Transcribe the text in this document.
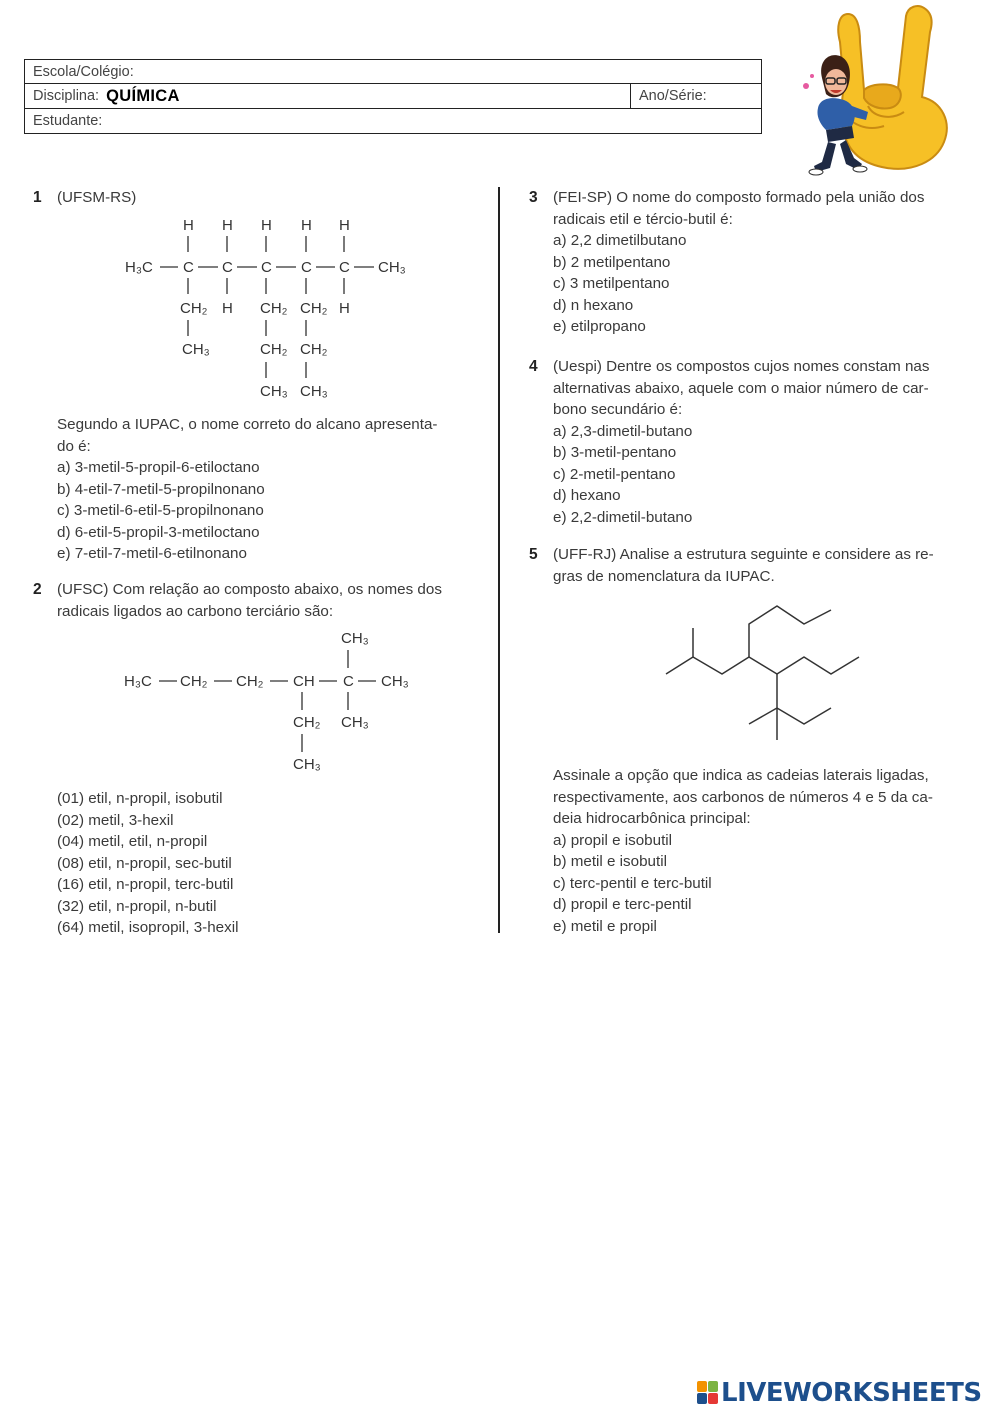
Escola/Colégio:
Disciplina: QUÍMICA	Ano/Série:
Estudante:
1 (UFSM-RS)

H H H H H
H₃C C C C C C CH₃
CH₂ H CH₂ CH₂ H
CH₃	CH₂ CH₂
CH₃ CH₃

Segundo a IUPAC, o nome correto do alcano apresenta-

do é:

a) 3-metil-5-propil-6-etiloctano
b) 4-etil-7-metil-5-propilnonano
c) 3-metil-6-etil-5-propilnonano
d) 6-etil-5-propil-3-metiloctano
e) 7-etil-7-metil-6-etilnonano
2 (UFSC) Com relação ao composto abaixo, os nomes dos

radicais ligados ao carbono terciário são:

CH₃
H₃C CH₂ CH₂ CH C CH₃
CH₂ CH₃
CH₃
(01) etil, n-propil, isobutil
(02) metil, 3-hexil
(04) metil, etil, n-propil
(08) etil, n-propil, sec-butil
(16) etil, n-propil, terc-butil
(32) etil, n-propil, n-butil
(64) metil, isopropil, 3-hexil
3 (FEI-SP) O nome do composto formado pela união dos

radicais etil e tércio-butil é:

a) 2,2 dimetilbutano
b) 2 metilpentano
c) 3 metilpentano
d) n hexano
e) etilpropano
4 (Uespi) Dentre os compostos cujos nomes constam nas

alternativas abaixo, aquele com o maior número de car-

bono secundário é:

a) 2,3-dimetil-butano
b) 3-metil-pentano
c) 2-metil-pentano
d) hexano
e) 2,2-dimetil-butano
5 (UFF-RJ) Analise a estrutura seguinte e considere as re-

gras de nomenclatura da IUPAC.

Assinale a opção que indica as cadeias laterais ligadas,

respectivamente, aos carbonos de números 4 e 5 da ca-

deia hidrocarbônica principal:

a) propil e isobutil
b) metil e isobutil
c) terc-pentil e terc-butil
d) propil e terc-pentil
e) metil e propil
LIVEWORKSHEETS
